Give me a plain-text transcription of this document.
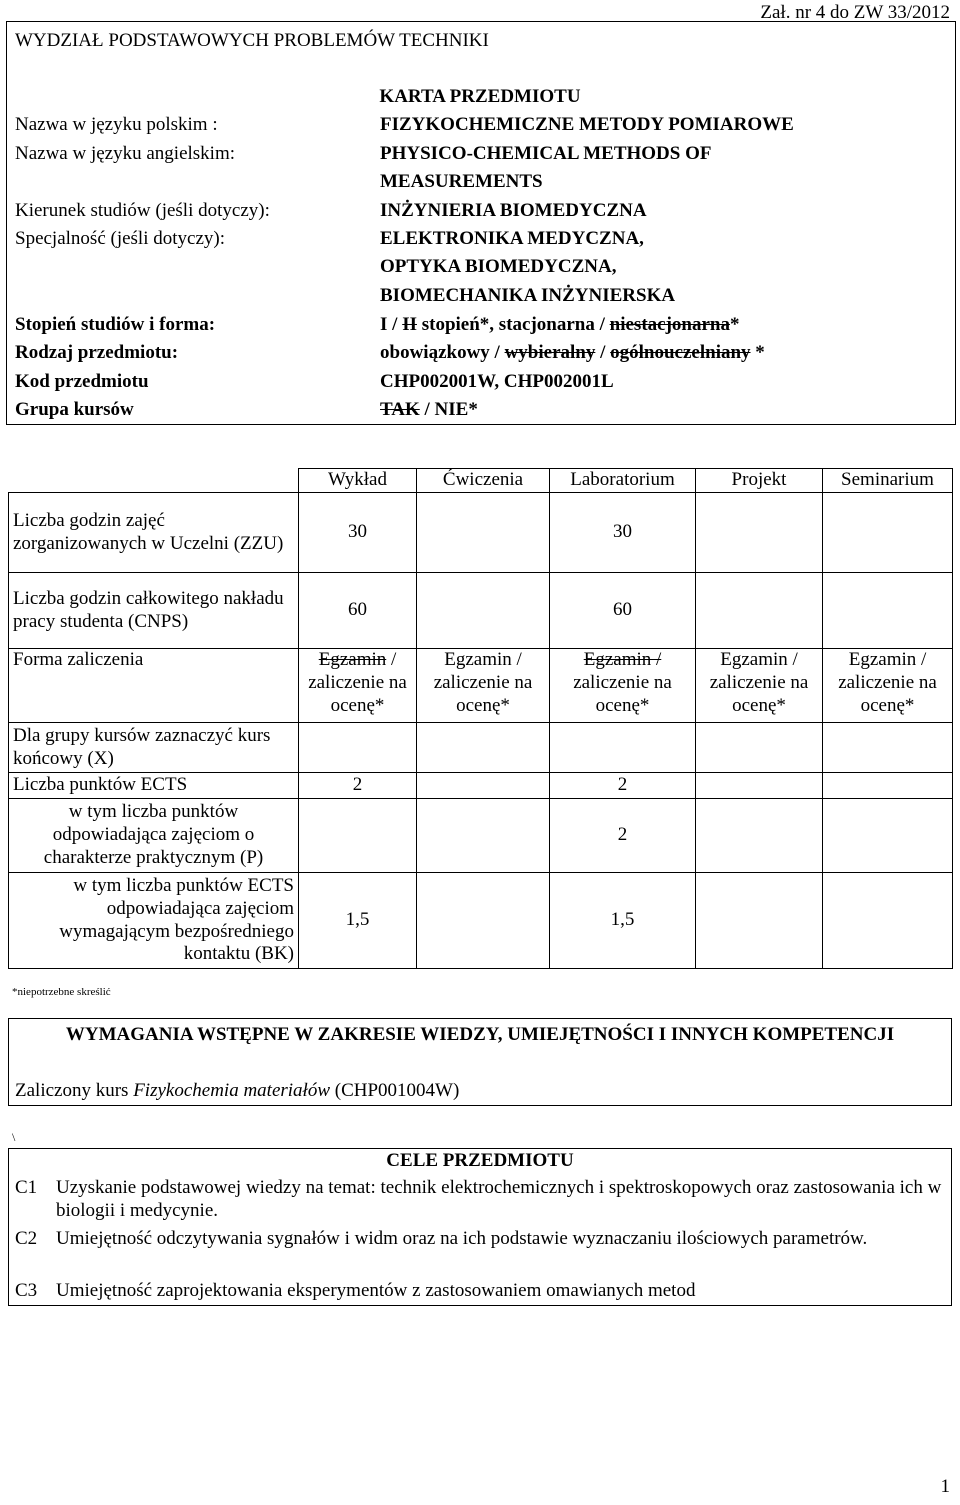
Zał. nr 4 do ZW 33/2012
WYDZIAŁ PODSTAWOWYCH PROBLEMÓW TECHNIKI
KARTA PRZEDMIOTU
Nazwa w języku polskim :	FIZYKOCHEMICZNE METODY POMIAROWE
Nazwa w języku angielskim:	PHYSICO-CHEMICAL METHODS OF
MEASUREMENTS
Kierunek studiów (jeśli dotyczy):	INŻYNIERIA BIOMEDYCZNA
Specjalność (jeśli dotyczy):	ELEKTRONIKA MEDYCZNA,
OPTYKA BIOMEDYCZNA,
BIOMECHANIKA INŻYNIERSKA
Stopień studiów i forma:	I / II stopień*, stacjonarna / niestacjonarna*
Rodzaj przedmiotu:	obowiązkowy / wybieralny / ogólnouczelniany *
Kod przedmiotu	CHP002001W, CHP002001L
Grupa kursów	TAK / NIE*
	Wykład	Ćwiczenia	Laboratorium	Projekt	Seminarium
Liczba godzin zajęć zorganizowanych w Uczelni (ZZU)	30		30		
Liczba godzin całkowitego nakładu pracy studenta (CNPS)	60		60		
Forma zaliczenia	Egzamin / zaliczenie na ocenę*	Egzamin / zaliczenie na ocenę*	Egzamin / zaliczenie na ocenę*	Egzamin / zaliczenie na ocenę*	Egzamin / zaliczenie na ocenę*
Dla grupy kursów zaznaczyć kurs końcowy (X)					
Liczba punktów ECTS	2		2		
w tym liczba punktów odpowiadająca zajęciom o charakterze praktycznym (P)			2		
w tym liczba punktów ECTS odpowiadająca zajęciom wymagającym bezpośredniego kontaktu (BK)	1,5		1,5		
*niepotrzebne skreślić
WYMAGANIA WSTĘPNE W ZAKRESIE WIEDZY, UMIEJĘTNOŚCI I INNYCH KOMPETENCJI
Zaliczony kurs Fizykochemia materiałów (CHP001004W)
\
CELE PRZEDMIOTU
C1 Uzyskanie podstawowej wiedzy na temat: technik elektrochemicznych i spektroskopowych oraz zastosowania ich w biologii i medycynie.
C2 Umiejętność odczytywania sygnałów i widm oraz na ich podstawie wyznaczaniu ilościowych parametrów.
C3 Umiejętność zaprojektowania eksperymentów z zastosowaniem omawianych metod
1
